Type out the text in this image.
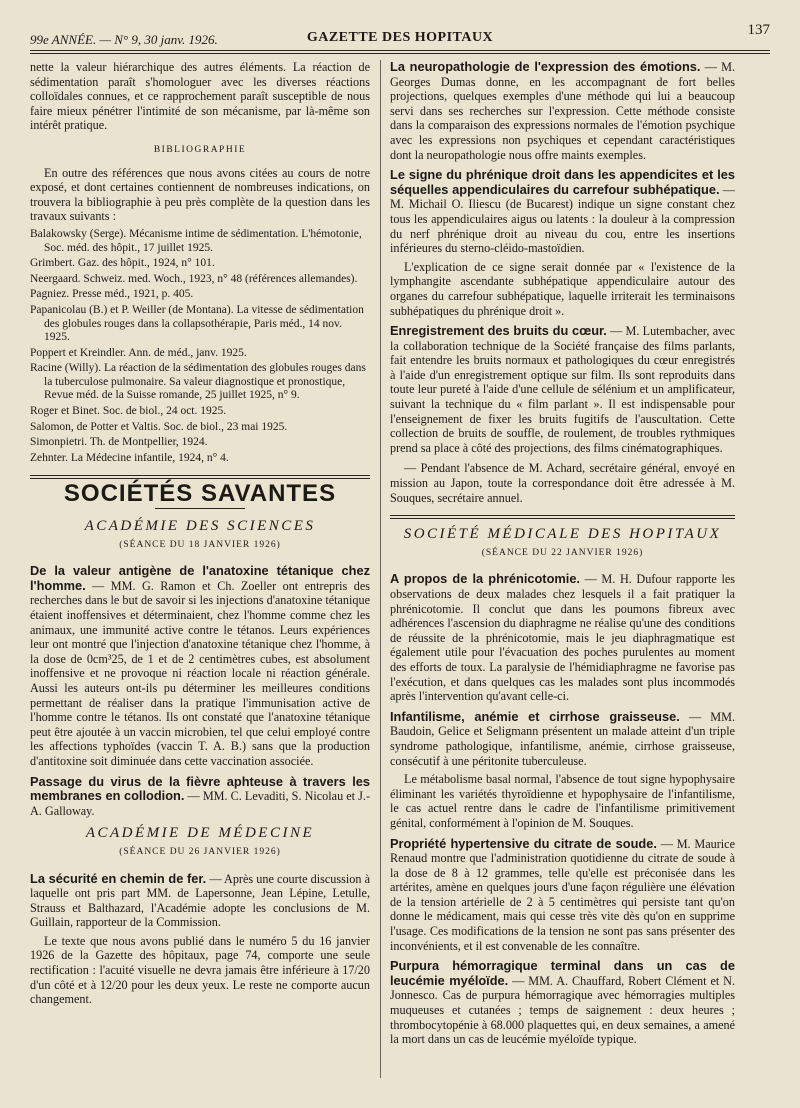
99e ANNÉE. — N° 9, 30 janv. 1926.	GAZETTE DES HOPITAUX	137

nette la valeur hiérarchique des autres éléments. La réaction de sédimentation paraît s'homologuer avec les diverses réactions colloïdales connues, et ce rapprochement paraît susceptible de nous faire mieux pénétrer l'intimité de son mécanisme, par là-même son intérêt pratique.

BIBLIOGRAPHIE

En outre des références que nous avons citées au cours de notre exposé, et dont certaines contiennent de nombreuses indications, on trouvera la bibliographie à peu près complète de la question dans les travaux suivants :

Balakowsky (Serge). Mécanisme intime de sédimentation. L'hémotonie, Soc. méd. des hôpit., 17 juillet 1925.

Grimbert. Gaz. des hôpit., 1924, n° 101.

Neergaard. Schweiz. med. Woch., 1923, n° 48 (références allemandes).

Pagniez. Presse méd., 1921, p. 405.

Papanicolau (B.) et P. Weiller (de Montana). La vitesse de sédimentation des globules rouges dans la collapsothérapie, Paris méd., 14 nov. 1925.

Poppert et Kreindler. Ann. de méd., janv. 1925.

Racine (Willy). La réaction de la sédimentation des globules rouges dans la tuberculose pulmonaire. Sa valeur diagnostique et pronostique, Revue méd. de la Suisse romande, 25 juillet 1925, n° 9.

Roger et Binet. Soc. de biol., 24 oct. 1925.

Salomon, de Potter et Valtis. Soc. de biol., 23 mai 1925.

Simonpietri. Th. de Montpellier, 1924.

Zehnter. La Médecine infantile, 1924, n° 4.

SOCIÉTÉS SAVANTES

ACADÉMIE DES SCIENCES

(SÉANCE DU 18 JANVIER 1926)

De la valeur antigène de l'anatoxine tétanique chez l'homme. — MM. G. Ramon et Ch. Zoeller ont entrepris des recherches dans le but de savoir si les injections d'anatoxine tétanique étaient inoffensives et déterminaient, chez l'homme comme chez les animaux, une immunité active contre le tétanos. Leurs expériences leur ont montré que l'injection d'anatoxine tétanique chez l'homme, à la dose de 0cm³25, de 1 et de 2 centimètres cubes, est absolument inoffensive et ne provoque ni réaction locale ni réaction générale. Aussi les auteurs ont-ils pu déterminer les meilleures conditions permettant de réaliser dans la pratique l'immunisation active de l'homme contre le tétanos. Ils ont constaté que l'anatoxine tétanique peut être ajoutée à un vaccin microbien, tel que celui employé contre les affections typhoïdes (vaccin T. A. B.) sans que la production d'antitoxine soit diminuée dans cette vaccination associée.

Passage du virus de la fièvre aphteuse à travers les membranes en collodion. — MM. C. Levaditi, S. Nicolau et J.-A. Galloway.

ACADÉMIE DE MÉDECINE

(SÉANCE DU 26 JANVIER 1926)

La sécurité en chemin de fer. — Après une courte discussion à laquelle ont pris part MM. de Lapersonne, Jean Lépine, Letulle, Strauss et Balthazard, l'Académie adopte les conclusions de M. Guillain, rapporteur de la Commission.

Le texte que nous avons publié dans le numéro 5 du 16 janvier 1926 de la Gazette des hôpitaux, page 74, comporte une seule rectification : l'acuité visuelle ne devra jamais être inférieure à 17/20 d'un côté et à 12/20 pour les deux yeux. Le reste ne comporte aucun changement.

La neuropathologie de l'expression des émotions. — M. Georges Dumas donne, en les accompagnant de fort belles projections, quelques exemples d'une méthode qui lui a beaucoup servi dans ses recherches sur l'expression. Cette méthode consiste dans la comparaison des expressions normales de l'émotion psychique avec les expressions non psychiques et cependant caractéristiques dont la neuropathologie nous offre maints exemples.

Le signe du phrénique droit dans les appendicites et les séquelles appendiculaires du carrefour subhépatique. — M. Michail O. Iliescu (de Bucarest) indique un signe constant chez tous les appendiculaires aigus ou latents : la douleur à la compression du nerf phrénique droit au niveau du cou, entre les insertions inférieures du sterno-cléido-mastoïdien.

L'explication de ce signe serait donnée par « l'existence de la lymphangite ascendante subhépatique appendiculaire autour des organes du carrefour subhépatique, laquelle irriterait les terminaisons subhépatiques du phrénique droit ».

Enregistrement des bruits du cœur. — M. Lutembacher, avec la collaboration technique de la Société française des films parlants, fait entendre les bruits normaux et pathologiques du cœur enregistrés à l'aide d'un enregistrement optique sur film. Ils sont reproduits dans toute leur pureté à l'aide d'une cellule de sélénium et un amplificateur, suivant la technique du « film parlant ». Il est indispensable pour l'enseignement de fixer les bruits fugitifs de l'auscultation. Cette collection de bruits de souffle, de roulement, de troubles rythmiques prend sa place à côté des projections, des films cinématographiques.

— Pendant l'absence de M. Achard, secrétaire général, envoyé en mission au Japon, toute la correspondance doit être adressée à M. Souques, secrétaire annuel.

SOCIÉTÉ MÉDICALE DES HOPITAUX

(SÉANCE DU 22 JANVIER 1926)

A propos de la phrénicotomie. — M. H. Dufour rapporte les observations de deux malades chez lesquels il a fait pratiquer la phrénicotomie. Il conclut que dans les poumons fibreux avec adhérences l'ascension du diaphragme ne réalise qu'une des conditions de réussite de la phrénicotomie, mais le jeu diaphragmatique est également utile pour l'évacuation des poches purulentes au moment des efforts de toux. La paralysie de l'hémidiaphragme ne favorise pas l'exécution, et dans quelques cas les malades sont plus incommodés après l'intervention qu'avant celle-ci.

Infantilisme, anémie et cirrhose graisseuse. — MM. Baudoin, Gelice et Seligmann présentent un malade atteint d'un triple syndrome pathologique, infantilisme, anémie, cirrhose graisseuse, consécutif à une péritonite tuberculeuse.

Le métabolisme basal normal, l'absence de tout signe hypophysaire éliminant les variétés thyroïdienne et hypophysaire de l'infantilisme, le cas actuel rentre dans le cadre de l'infantilisme primitivement génital, conformément à l'opinion de M. Souques.

Propriété hypertensive du citrate de soude. — M. Maurice Renaud montre que l'administration quotidienne du citrate de soude à la dose de 8 à 12 grammes, telle qu'elle est préconisée dans les artérites, amène en quelques jours d'une façon régulière une élévation de la tension artérielle de 2 à 5 centimètres qui persiste tant qu'on donne le médicament, mais qui cesse très vite dès qu'on en supprime l'usage. Ces modifications de la tension ne sont pas sans présenter des inconvénients, et il est convenable de les connaître.

Purpura hémorragique terminal dans un cas de leucémie myéloïde. — MM. A. Chauffard, Robert Clément et N. Jonnesco. Cas de purpura hémorragique avec hémorragies multiples muqueuses et cutanées ; temps de saignement : deux heures ; thrombocytopénie à 68.000 plaquettes qui, en deux semaines, a amené la mort dans un cas de leucémie myéloïde typique.
